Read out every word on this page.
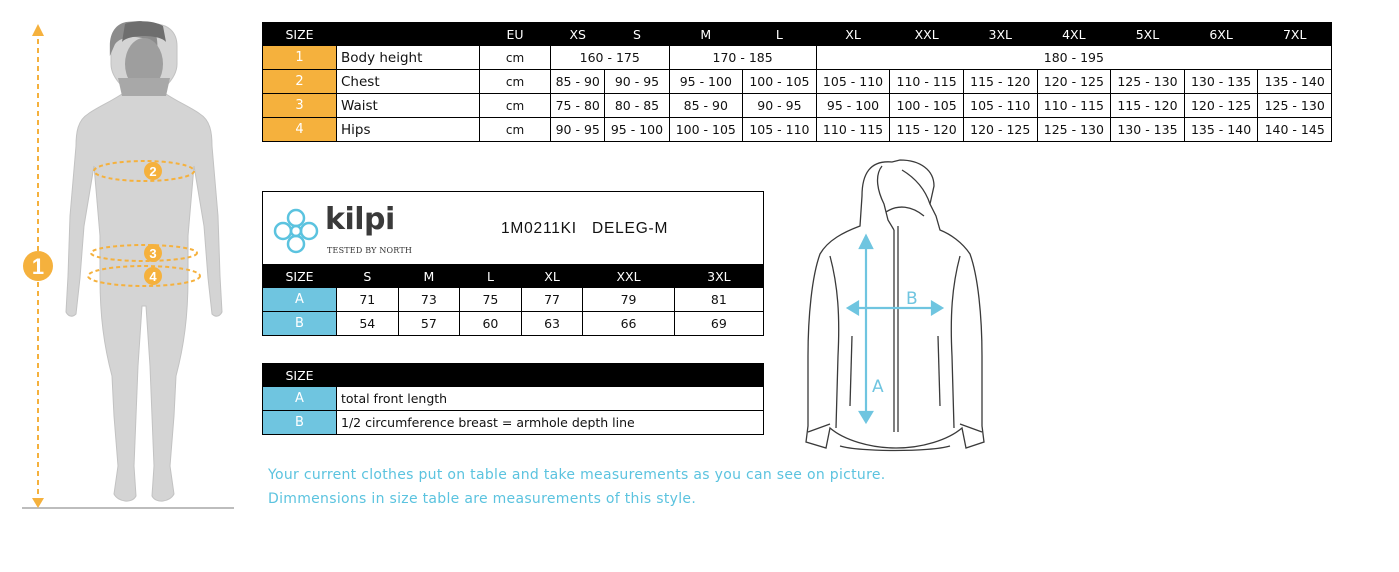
1
2
3
4
SIZE		EU	XS	S	M	L	XL	XXL	3XL	4XL	5XL	6XL	7XL
1	Body height	cm	160 - 175		170 - 185		180 - 195						
2	Chest	cm	85 - 90	90 - 95	95 - 100	100 - 105	105 - 110	110 - 115	115 - 120	120 - 125	125 - 130	130 - 135	135 - 140
3	Waist	cm	75 - 80	80 - 85	85 - 90	90 - 95	95 - 100	100 - 105	105 - 110	110 - 115	115 - 120	120 - 125	125 - 130
4	Hips	cm	90 - 95	95 - 100	100 - 105	105 - 110	110 - 115	115 - 120	120 - 125	125 - 130	130 - 135	135 - 140	140 - 145
kilpi
TESTED BY NORTH
1M0211KI DELEG-M
SIZE	S	M	L	XL	XXL	3XL
A	71	73	75	77	79	81
B	54	57	60	63	66	69
SIZE	
A	total front length
B	1/2 circumference breast = armhole depth line
Your current clothes put on table and take measurements as you can see on picture.
Dimmensions in size table are measurements of this style.
A
B
